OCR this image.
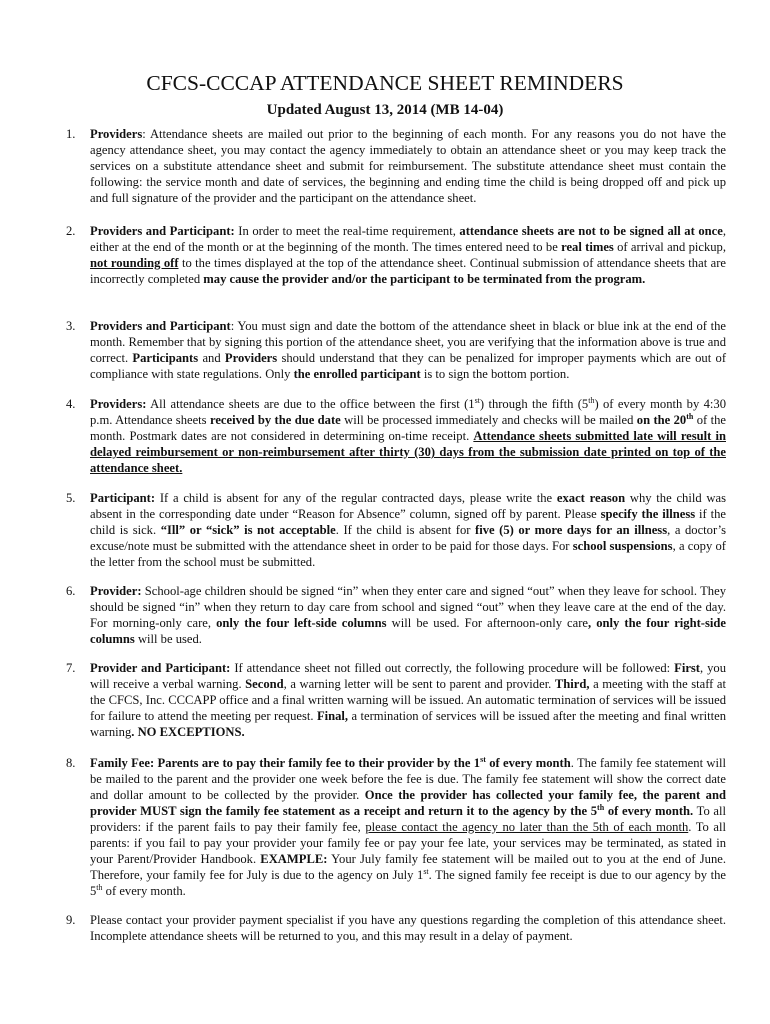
CFCS-CCCAP ATTENDANCE SHEET REMINDERS
Updated August 13, 2014 (MB 14-04)
1.	Providers: Attendance sheets are mailed out prior to the beginning of each month. For any reasons you do not have the agency attendance sheet, you may contact the agency immediately to obtain an attendance sheet or you may keep track the services on a substitute attendance sheet and submit for reimbursement. The substitute attendance sheet must contain the following: the service month and date of services, the beginning and ending time the child is being dropped off and pick up and full signature of the provider and the participant on the attendance sheet.

2.	Providers and Participant: In order to meet the real-time requirement, attendance sheets are not to be signed all at once, either at the end of the month or at the beginning of the month. The times entered need to be real times of arrival and pickup, not rounding off to the times displayed at the top of the attendance sheet. Continual submission of attendance sheets that are incorrectly completed may cause the provider and/or the participant to be terminated from the program.

3.	Providers and Participant: You must sign and date the bottom of the attendance sheet in black or blue ink at the end of the month. Remember that by signing this portion of the attendance sheet, you are verifying that the information above is true and correct. Participants and Providers should understand that they can be penalized for improper payments which are out of compliance with state regulations. Only the enrolled participant is to sign the bottom portion.

4.	Providers: All attendance sheets are due to the office between the first (1st) through the fifth (5th) of every month by 4:30 p.m. Attendance sheets received by the due date will be processed immediately and checks will be mailed on the 20th of the month. Postmark dates are not considered in determining on-time receipt. Attendance sheets submitted late will result in delayed reimbursement or non-reimbursement after thirty (30) days from the submission date printed on top of the attendance sheet.

5.	Participant: If a child is absent for any of the regular contracted days, please write the exact reason why the child was absent in the corresponding date under “Reason for Absence” column, signed off by parent. Please specify the illness if the child is sick. “Ill” or “sick” is not acceptable. If the child is absent for five (5) or more days for an illness, a doctor’s excuse/note must be submitted with the attendance sheet in order to be paid for those days. For school suspensions, a copy of the letter from the school must be submitted.

6.	Provider: School-age children should be signed “in” when they enter care and signed “out” when they leave for school. They should be signed “in” when they return to day care from school and signed “out” when they leave care at the end of the day. For morning-only care, only the four left-side columns will be used. For afternoon-only care, only the four right-side columns will be used.

7.	Provider and Participant: If attendance sheet not filled out correctly, the following procedure will be followed: First, you will receive a verbal warning. Second, a warning letter will be sent to parent and provider. Third, a meeting with the staff at the CFCS, Inc. CCCAPP office and a final written warning will be issued. An automatic termination of services will be issued for failure to attend the meeting per request. Final, a termination of services will be issued after the meeting and final written warning. NO EXCEPTIONS.

8.	Family Fee: Parents are to pay their family fee to their provider by the 1st of every month. The family fee statement will be mailed to the parent and the provider one week before the fee is due. The family fee statement will show the correct date and dollar amount to be collected by the provider. Once the provider has collected your family fee, the parent and provider MUST sign the family fee statement as a receipt and return it to the agency by the 5th of every month. To all providers: if the parent fails to pay their family fee, please contact the agency no later than the 5th of each month. To all parents: if you fail to pay your provider your family fee or pay your fee late, your services may be terminated, as stated in your Parent/Provider Handbook. EXAMPLE: Your July family fee statement will be mailed out to you at the end of June. Therefore, your family fee for July is due to the agency on July 1st. The signed family fee receipt is due to our agency by the 5th of every month.

9.	Please contact your provider payment specialist if you have any questions regarding the completion of this attendance sheet. Incomplete attendance sheets will be returned to you, and this may result in a delay of payment.
